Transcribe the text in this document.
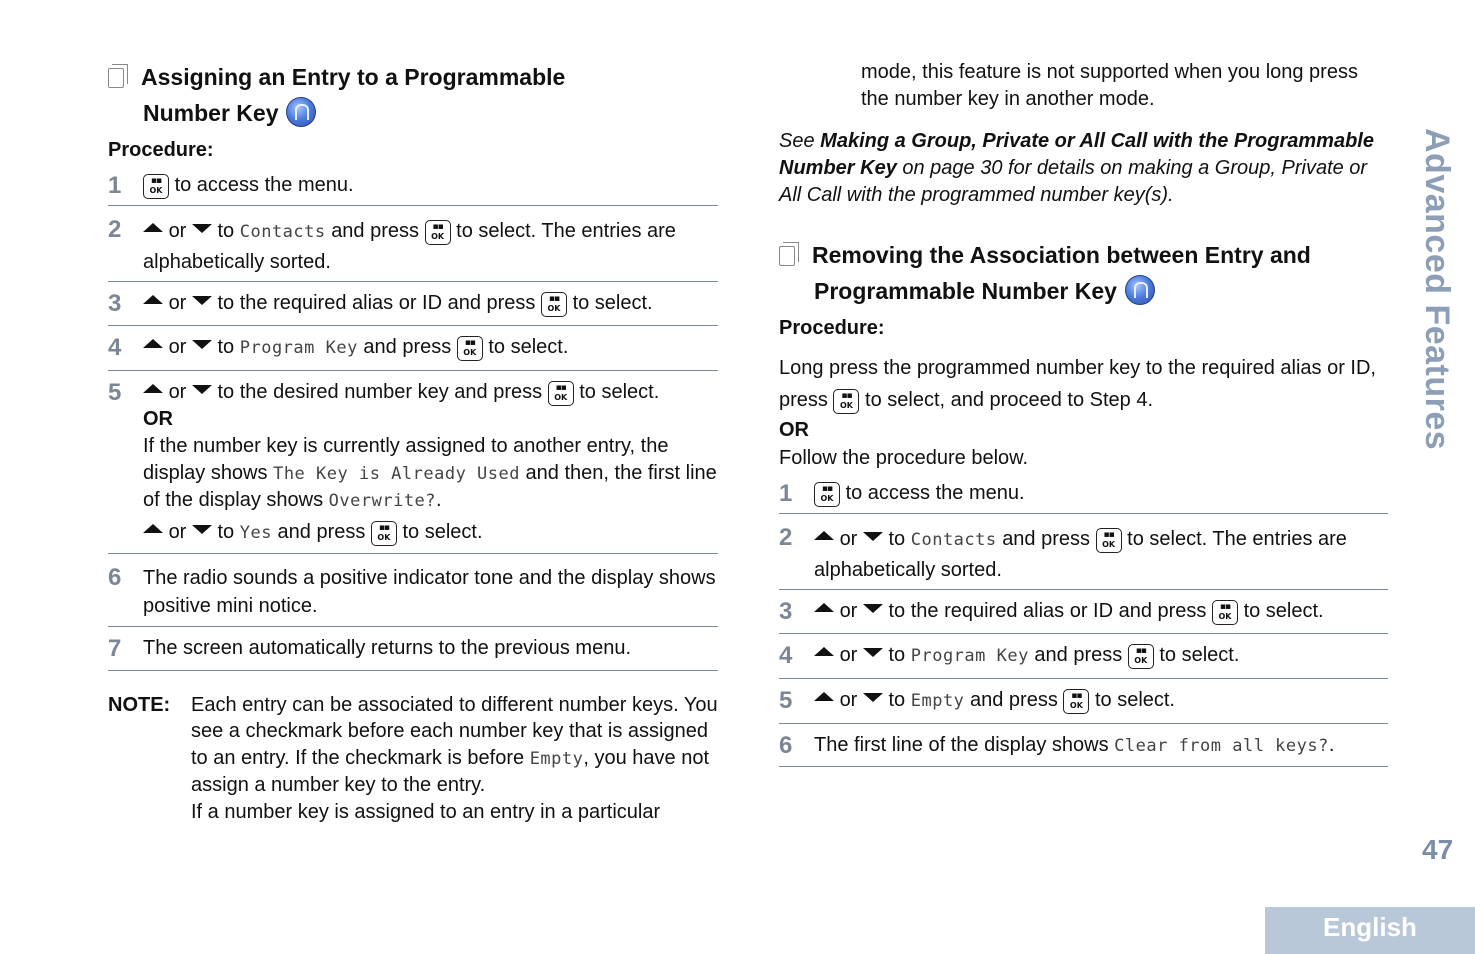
Assigning an Entry to a Programmable
Number Key
Procedure:
1	▪▪
OK to access the menu.
2	or to Contacts and press	▪▪
OK to select. The entries are alphabetically sorted.
3	or to the required alias or ID and press	▪▪
OK to select.
4	or to Program Key and press	▪▪
OK to select.
5	or to the desired number key and press	▪▪
OK to select.
OR
If the number key is currently assigned to another entry, the display shows The Key is Already Used and then, the first line of the display shows Overwrite?.
or to Yes and press	▪▪
OK to select.
6 The radio sounds a positive indicator tone and the display shows positive mini notice.
7 The screen automatically returns to the previous menu.
NOTE: Each entry can be associated to different number keys. You see a checkmark before each number key that is assigned to an entry. If the checkmark is before Empty, you have not assign a number key to the entry.
If a number key is assigned to an entry in a particular
mode, this feature is not supported when you long press the number key in another mode.
See Making a Group, Private or All Call with the Programmable Number Key on page 30 for details on making a Group, Private or All Call with the programmed number key(s).
Removing the Association between Entry and
Programmable Number Key
Procedure:
Long press the programmed number key to the required alias or ID, press	▪▪
OK to select, and proceed to Step 4.
OR
Follow the procedure below.
1	▪▪
OK to access the menu.
2	or to Contacts and press	▪▪
OK to select. The entries are alphabetically sorted.
3	or to the required alias or ID and press	▪▪
OK to select.
4	or to Program Key and press	▪▪
OK to select.
5	or to Empty and press	▪▪
OK to select.
6 The first line of the display shows Clear from all keys?.
Advanced Features
47
English
